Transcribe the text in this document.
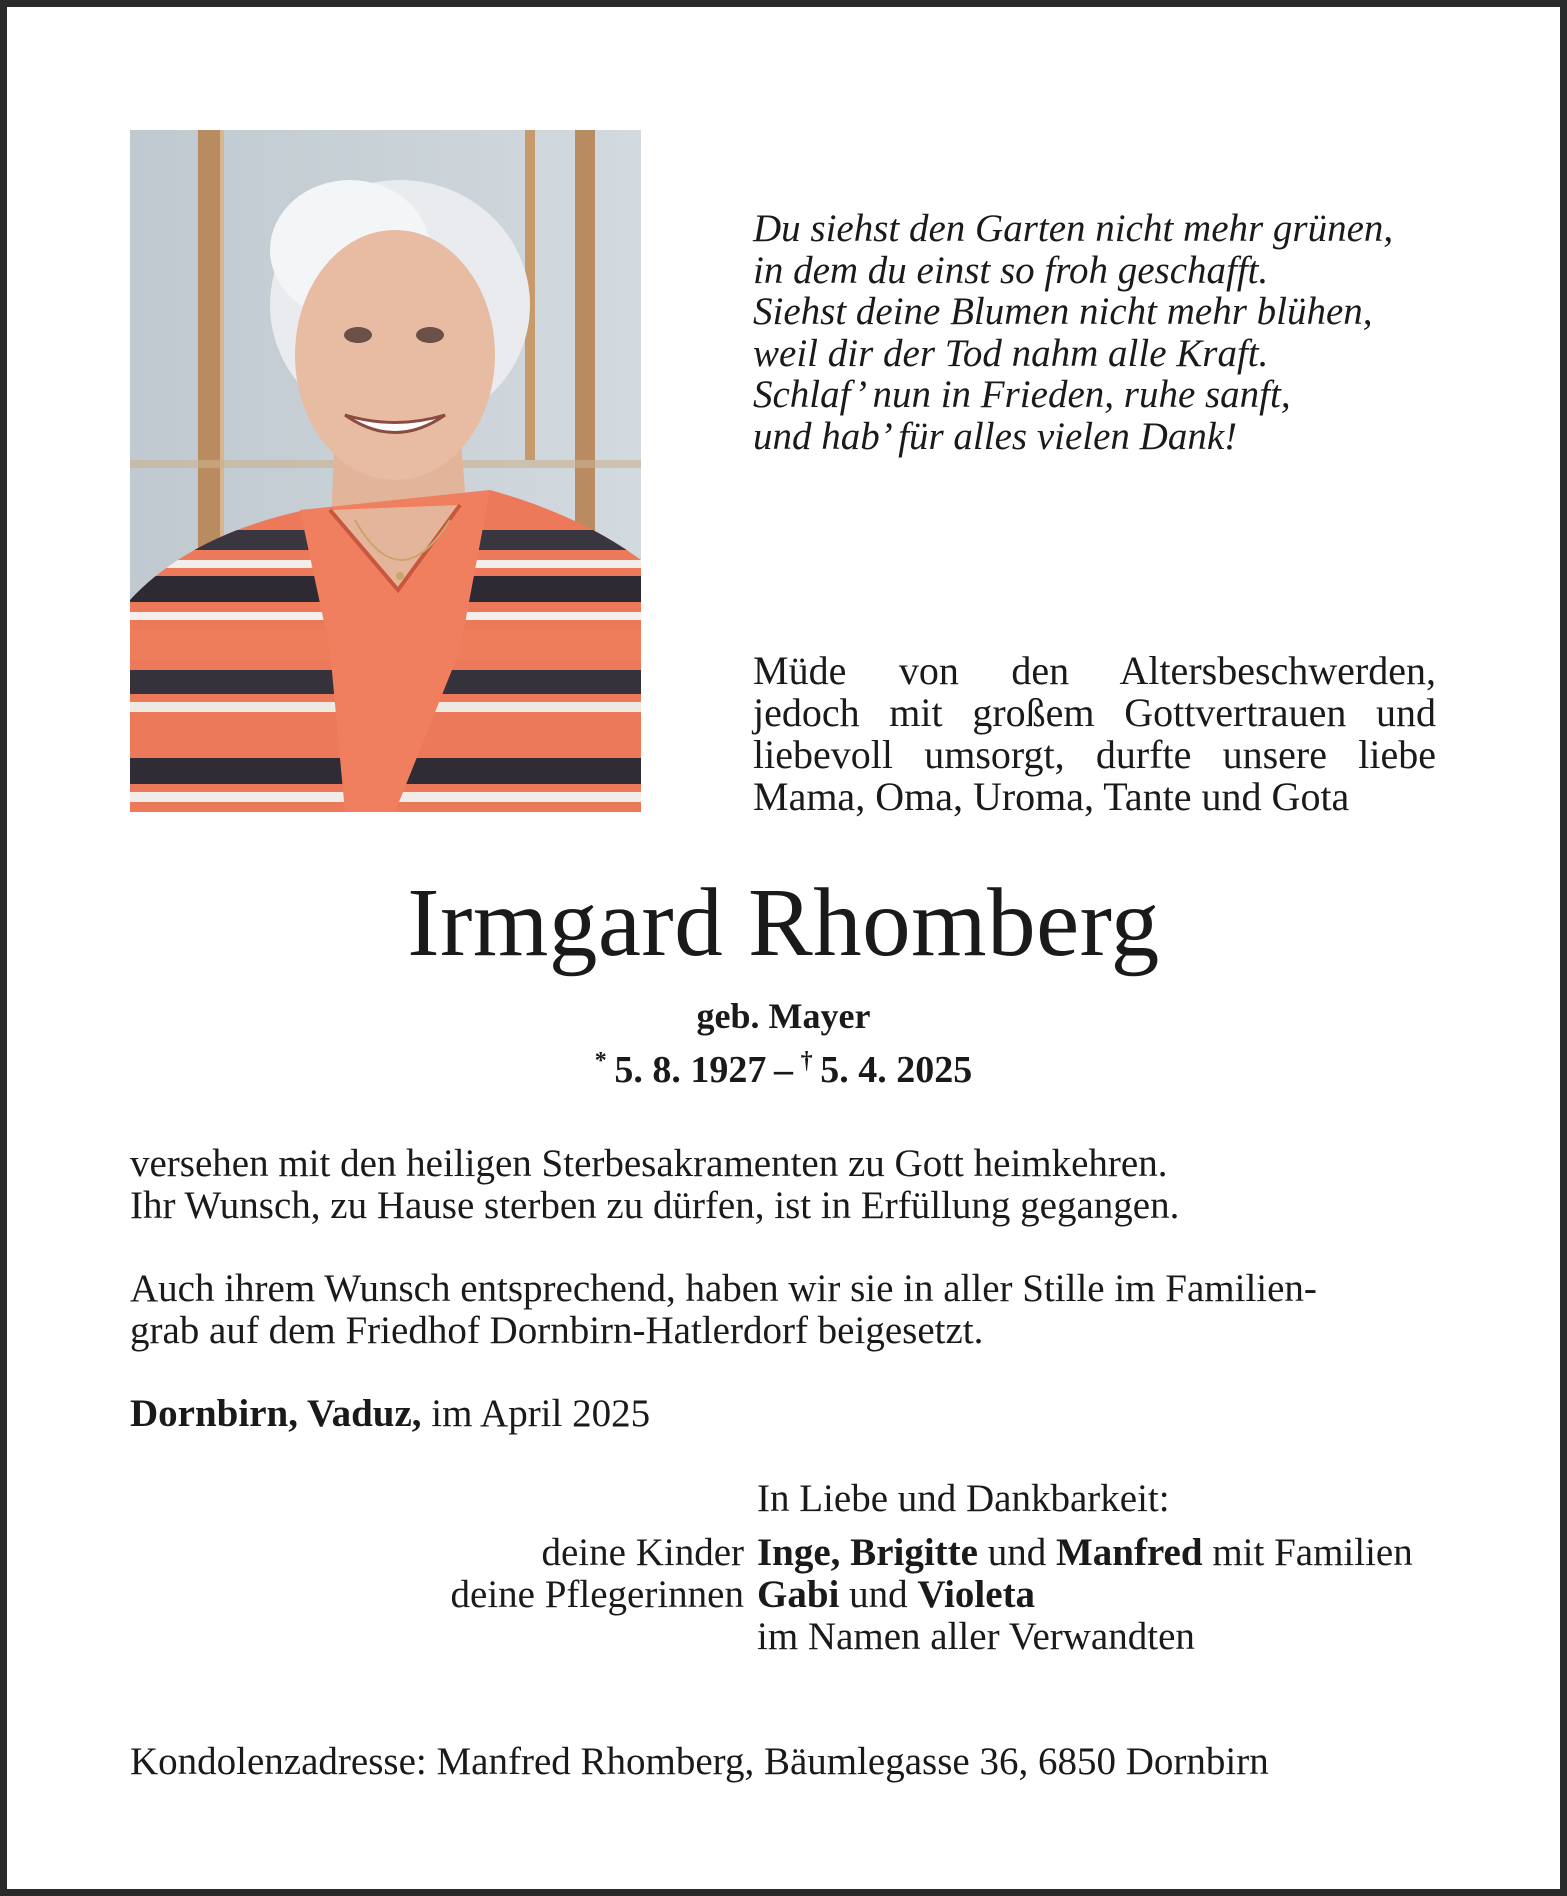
Du siehst den Garten nicht mehr grünen,
in dem du einst so froh geschafft.
Siehst deine Blumen nicht mehr blühen,
weil dir der Tod nahm alle Kraft.
Schlaf’ nun in Frieden, ruhe sanft,
und hab’ für alles vielen Dank!
Müde von den Altersbeschwerden,
jedoch mit großem Gottvertrauen und
liebevoll umsorgt, durfte unsere liebe
Mama, Oma, Uroma, Tante und Gota
Irmgard Rhomberg
geb. Mayer
*  5. 8. 1927  –  †  5. 4. 2025
versehen mit den heiligen Sterbesakramenten zu Gott heimkehren.
Ihr Wunsch, zu Hause sterben zu dürfen, ist in Erfüllung gegangen.
Auch ihrem Wunsch entsprechend, haben wir sie in aller Stille im Familien-
grab auf dem Friedhof Dornbirn-Hatlerdorf beigesetzt.
Dornbirn, Vaduz, im April 2025
In Liebe und Dankbarkeit:
deine Kinder Inge, Brigitte und Manfred mit Familien
deine Pflegerinnen Gabi und Violeta
im Namen aller Verwandten
Kondolenzadresse: Manfred Rhomberg, Bäumlegasse 36, 6850 Dornbirn
